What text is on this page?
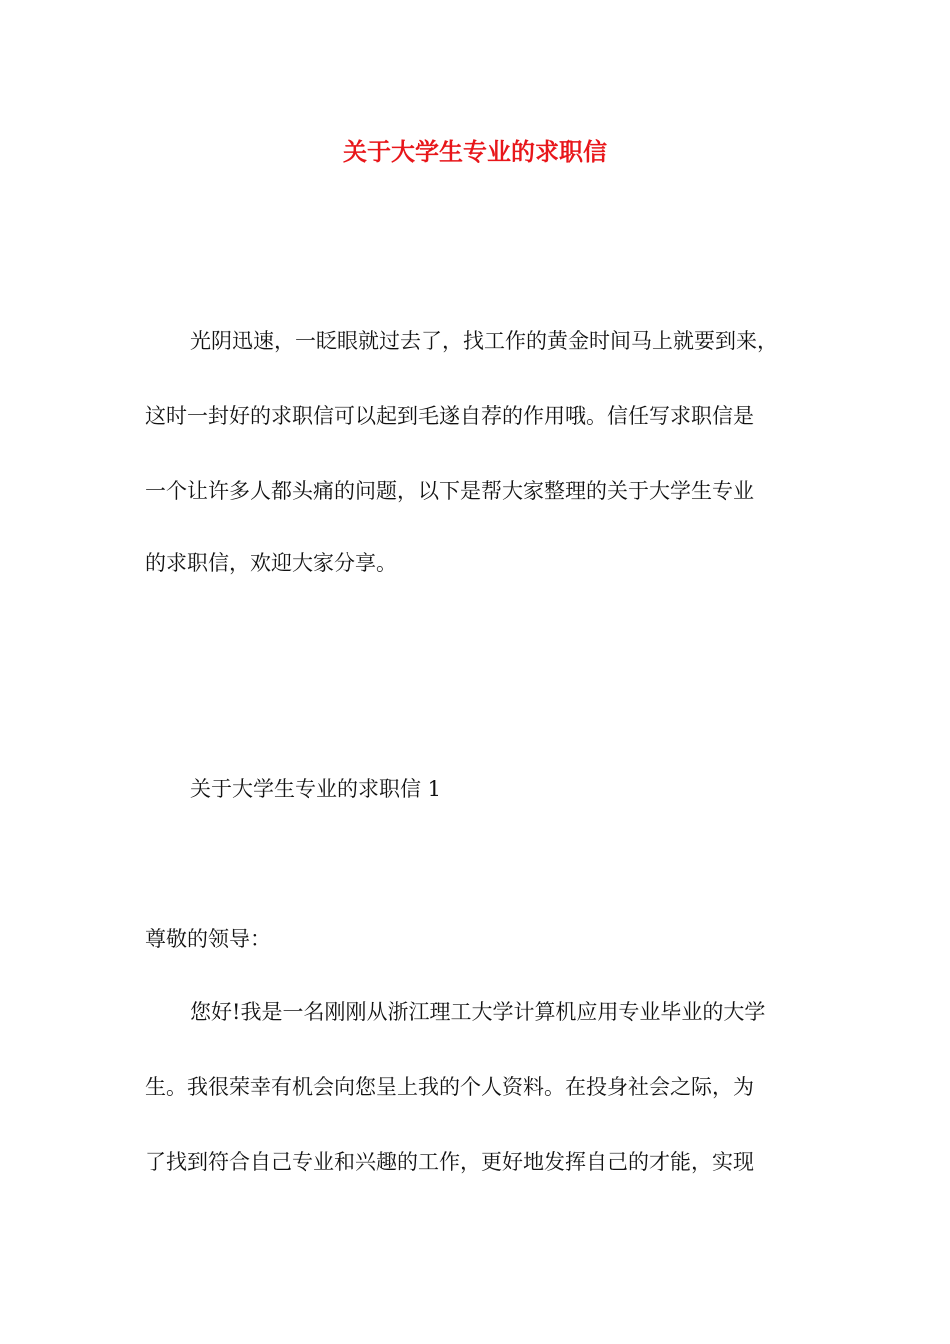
关于大学生专业的求职信

光阴迅速，一眨眼就过去了，找工作的黄金时间马上就要到来，

这时一封好的求职信可以起到毛遂自荐的作用哦。信任写求职信是

一个让许多人都头痛的问题，以下是帮大家整理的关于大学生专业

的求职信，欢迎大家分享。

关于大学生专业的求职信 1

尊敬的领导：

您好!我是一名刚刚从浙江理工大学计算机应用专业毕业的大学

生。我很荣幸有机会向您呈上我的个人资料。在投身社会之际，为

了找到符合自己专业和兴趣的工作，更好地发挥自己的才能，实现
